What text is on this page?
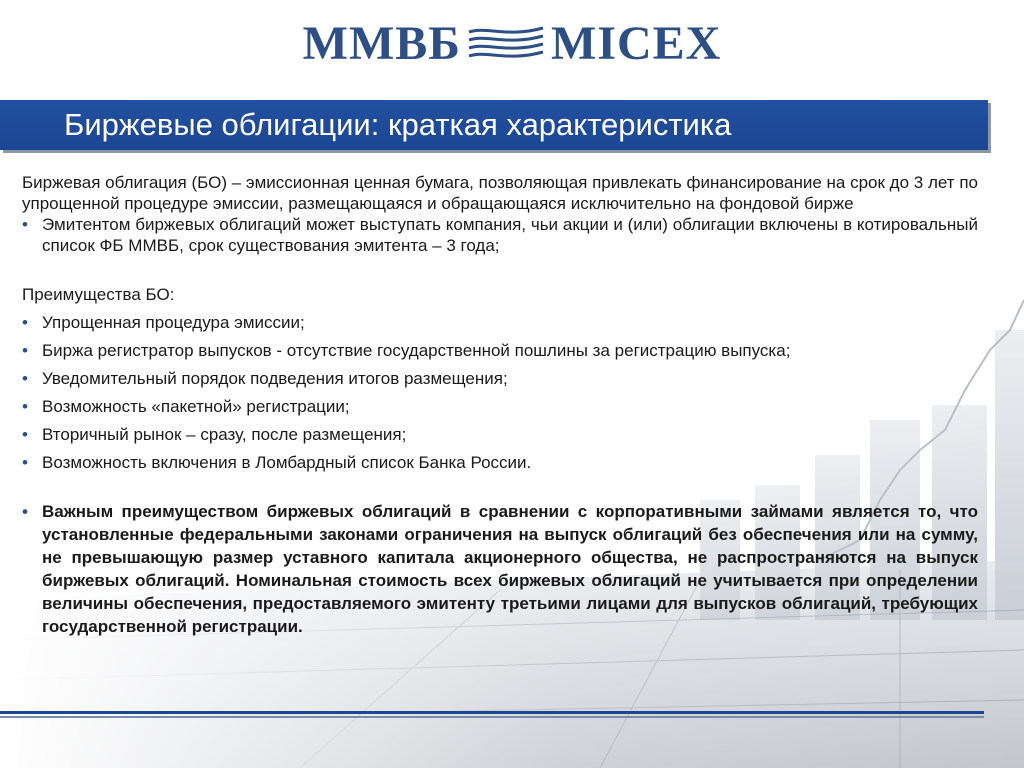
ММВБ MICEX
Биржевые облигации: краткая характеристика
Биржевая облигация (БО) – эмиссионная ценная бумага, позволяющая привлекать финансирование на срок до 3 лет по упрощенной процедуре эмиссии, размещающаяся и обращающаяся исключительно на фондовой бирже
• Эмитентом биржевых облигаций может выступать компания, чьи акции и (или) облигации включены в котировальный список ФБ ММВБ, срок существования эмитента – 3 года;
Преимущества БО:
• Упрощенная процедура эмиссии;
• Биржа регистратор выпусков - отсутствие государственной пошлины за регистрацию выпуска;
• Уведомительный порядок подведения итогов размещения;
• Возможность «пакетной» регистрации;
• Вторичный рынок – сразу, после размещения;
• Возможность включения в Ломбардный список Банка России.
• Важным преимуществом биржевых облигаций в сравнении с корпоративными займами является то, что установленные федеральными законами ограничения на выпуск облигаций без обеспечения или на сумму, не превышающую размер уставного капитала акционерного общества, не распространяются на выпуск биржевых облигаций. Номинальная стоимость всех биржевых облигаций не учитывается при определении величины обеспечения, предоставляемого эмитенту третьими лицами для выпусков облигаций, требующих государственной регистрации.
